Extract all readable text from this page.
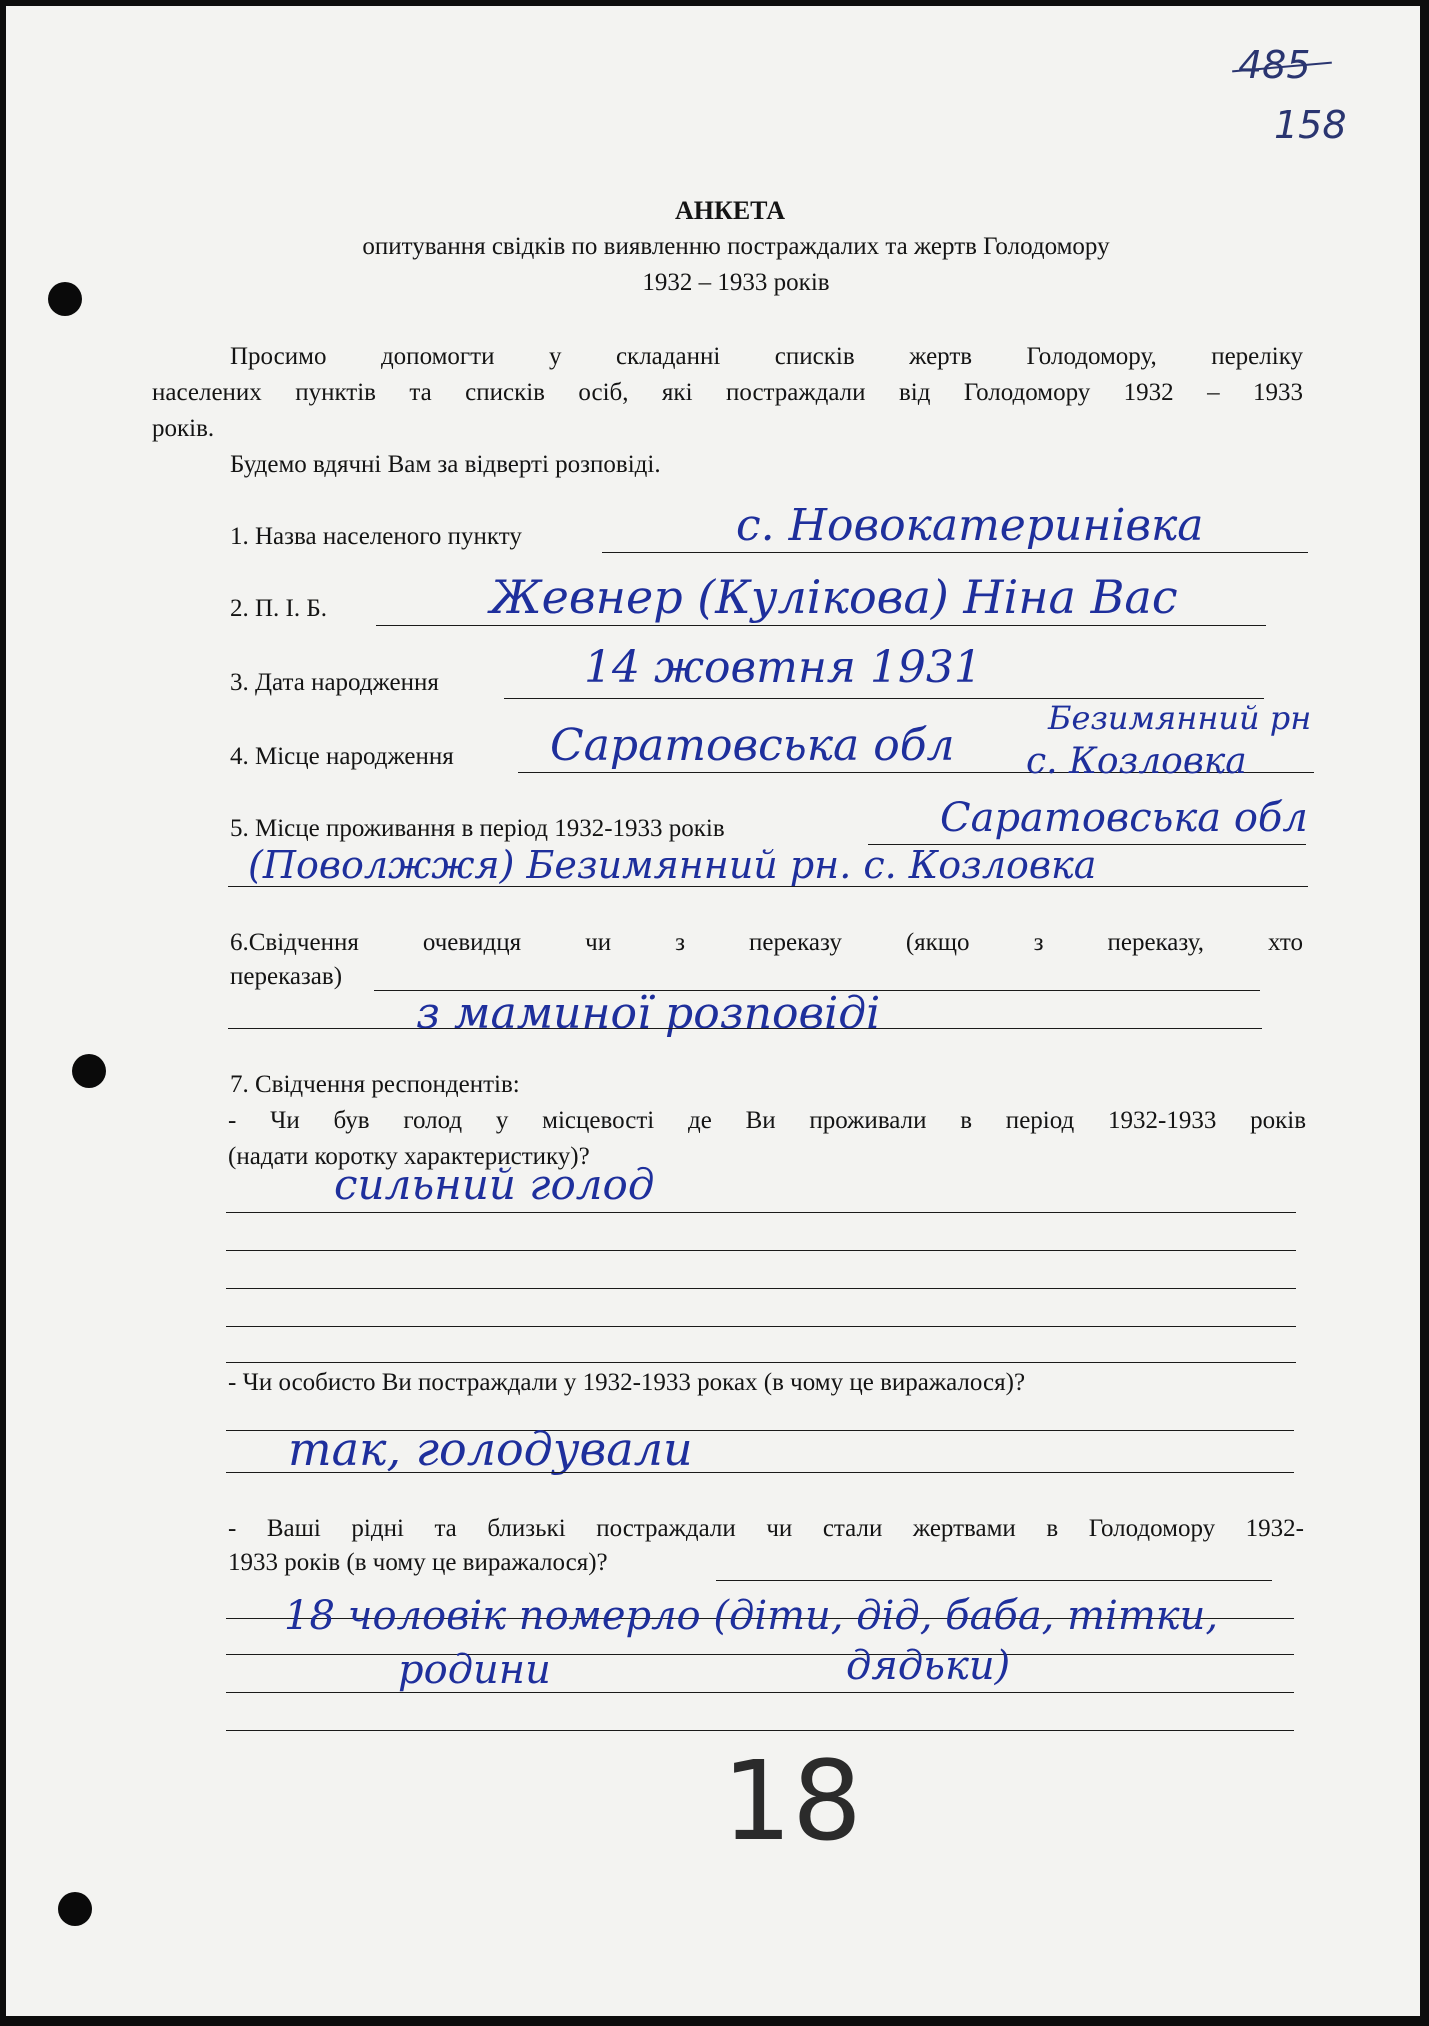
485
158
АНКЕТА
опитування свідків по виявленню постраждалих та жертв Голодомору
1932 – 1933 років
Просимо допомогти у складанні списків жертв Голодомору, переліку
населених пунктів та списків осіб, які постраждали від Голодомору 1932 – 1933
років.
Будемо вдячні Вам за відверті розповіді.
1. Назва населеного пункту	с. Новокатеринівка
2. П. І. Б.	Жевнер (Кулікова) Ніна Вас
3. Дата народження	14 жовтня 1931
4. Місце народження Саратовська обл
Безимянний рн
с. Козловка
5. Місце проживання в період 1932-1933 років	Саратовська обл
(Поволжжя) Безимянний рн. с. Козловка
6.Свідчення очевидця чи з переказу (якщо з переказу, хто
переказав)
з маминої розповіді
7. Свідчення респондентів:
- Чи був голод у місцевості де Ви проживали в період 1932-1933 років
(надати коротку характеристику)?
сильний голод
- Чи особисто Ви постраждали у 1932-1933 роках (в чому це виражалося)?
так, голодували
- Ваші рідні та близькі постраждали чи стали жертвами в Голодомору 1932-
1933 років (в чому це виражалося)?
18 чоловік померло (діти, дід, баба, тітки,
родини	дядьки)
18
